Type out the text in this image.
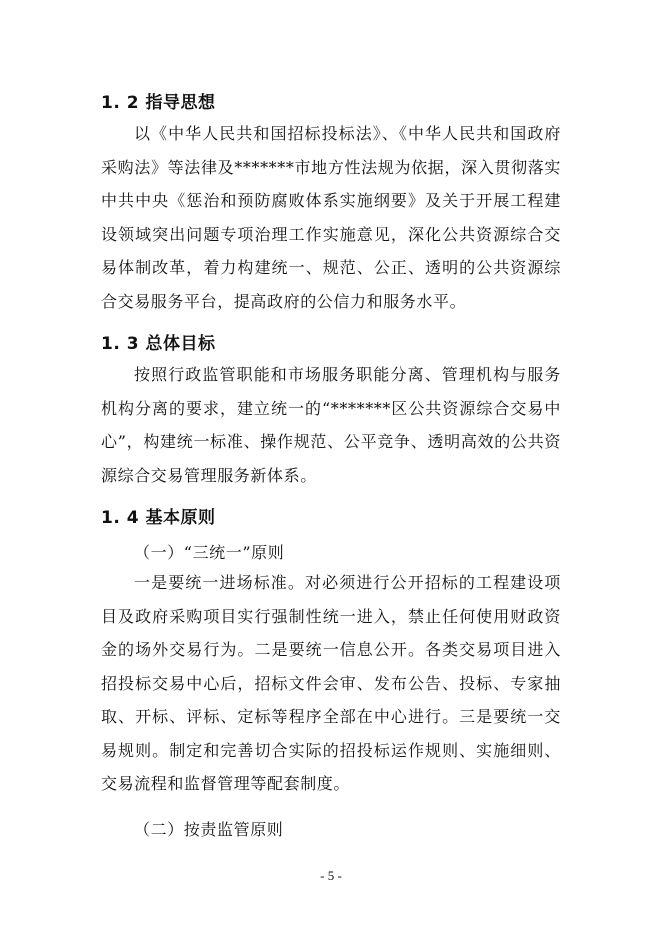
1. 2 指导思想

以《中华人民共和国招标投标法》、《中华人民共和国政府采购法》等法律及*******市地方性法规为依据，深入贯彻落实中共中央《惩治和预防腐败体系实施纲要》及关于开展工程建设领域突出问题专项治理工作实施意见，深化公共资源综合交易体制改革，着力构建统一、规范、公正、透明的公共资源综合交易服务平台，提高政府的公信力和服务水平。

1. 3 总体目标

按照行政监管职能和市场服务职能分离、管理机构与服务机构分离的要求，建立统一的“*******区公共资源综合交易中心”，构建统一标准、操作规范、公平竞争、透明高效的公共资源综合交易管理服务新体系。

1. 4 基本原则
（一）“三统一”原则

一是要统一进场标准。对必须进行公开招标的工程建设项目及政府采购项目实行强制性统一进入，禁止任何使用财政资金的场外交易行为。二是要统一信息公开。各类交易项目进入招投标交易中心后，招标文件会审、发布公告、投标、专家抽取、开标、评标、定标等程序全部在中心进行。三是要统一交易规则。制定和完善切合实际的招投标运作规则、实施细则、交易流程和监督管理等配套制度。

（二）按责监管原则
- 5 -
